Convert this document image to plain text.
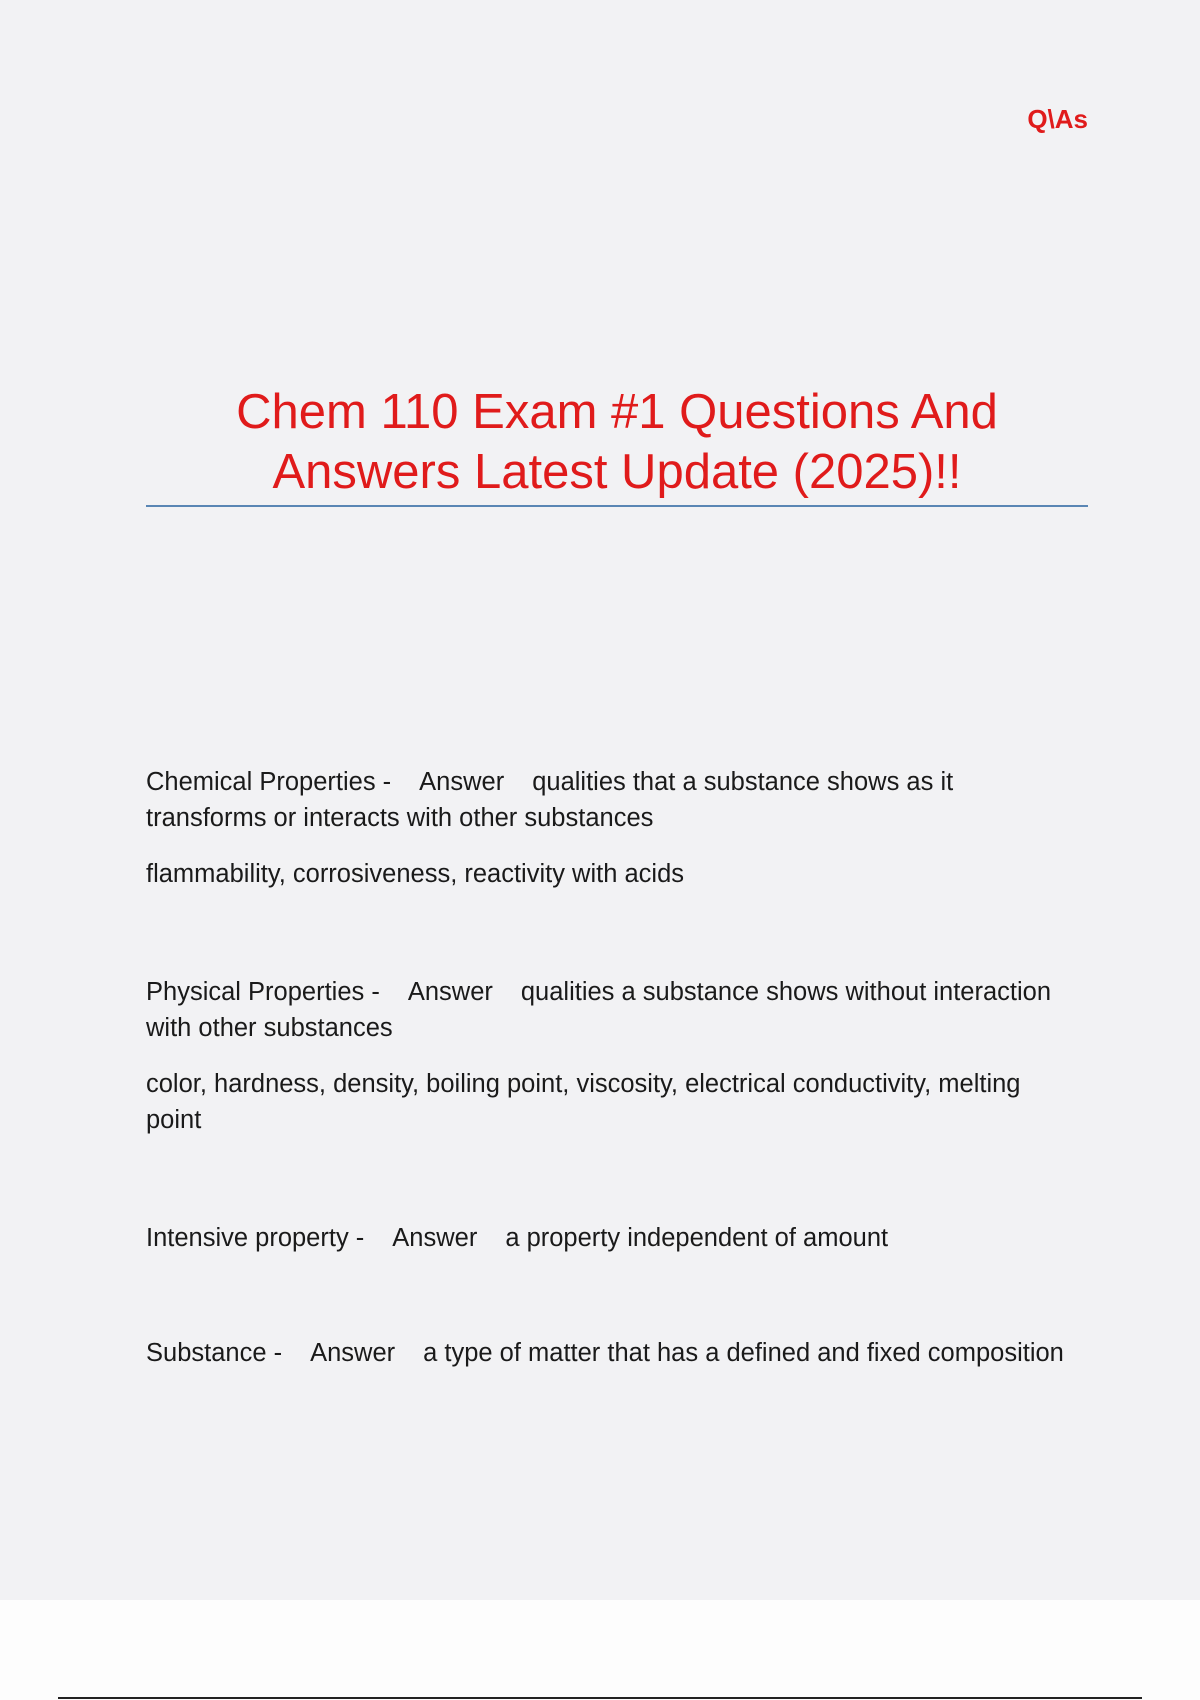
Q\As
Chem 110 Exam #1 Questions And Answers Latest Update (2025)!!

Chemical Properties - Answer qualities that a substance shows as it transforms or interacts with other substances

flammability, corrosiveness, reactivity with acids

Physical Properties - Answer qualities a substance shows without interaction with other substances

color, hardness, density, boiling point, viscosity, electrical conductivity, melting point

Intensive property - Answer a property independent of amount

Substance - Answer a type of matter that has a defined and fixed composition
